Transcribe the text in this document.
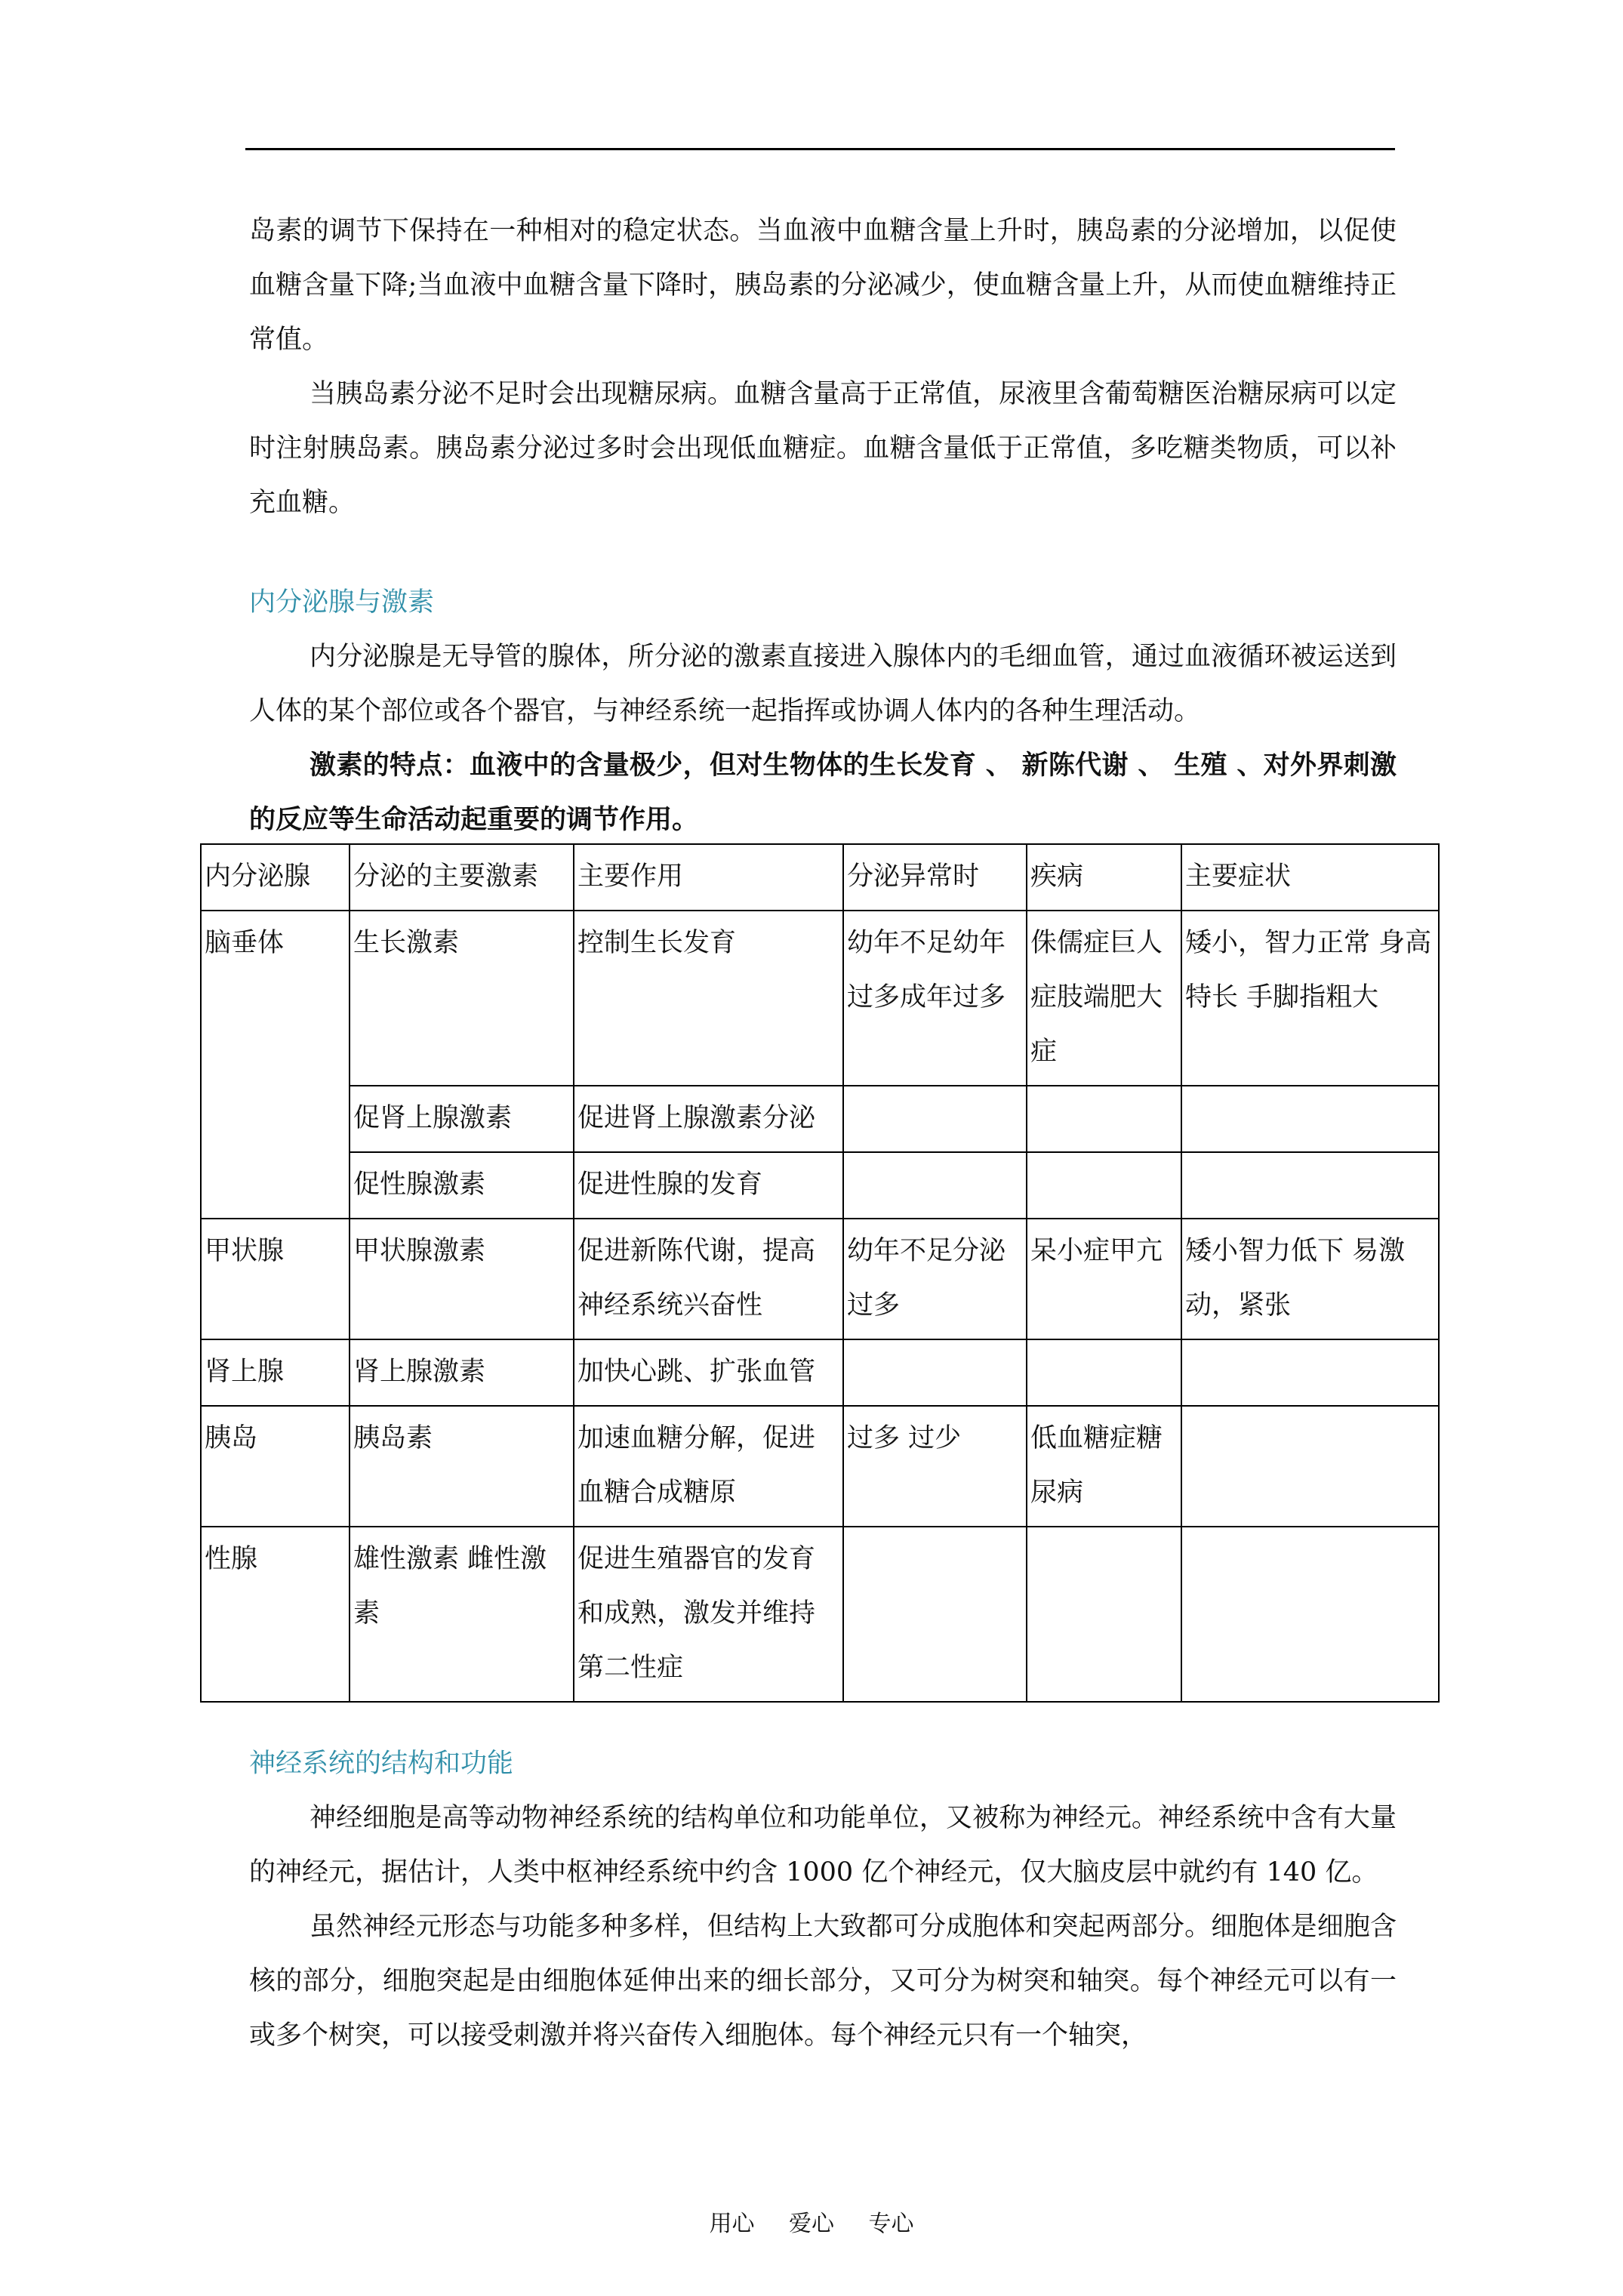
岛素的调节下保持在一种相对的稳定状态。当血液中血糖含量上升时，胰岛素的分泌增加，以促使血糖含量下降;当血液中血糖含量下降时，胰岛素的分泌减少，使血糖含量上升，从而使血糖维持正常值。

当胰岛素分泌不足时会出现糖尿病。血糖含量高于正常值，尿液里含葡萄糖医治糖尿病可以定时注射胰岛素。胰岛素分泌过多时会出现低血糖症。血糖含量低于正常值，多吃糖类物质，可以补充血糖。

内分泌腺与激素

内分泌腺是无导管的腺体，所分泌的激素直接进入腺体内的毛细血管，通过血液循环被运送到人体的某个部位或各个器官，与神经系统一起指挥或协调人体内的各种生理活动。

激素的特点：血液中的含量极少，但对生物体的生长发育 、 新陈代谢 、 生殖 、对外界刺激的反应等生命活动起重要的调节作用。

内分泌腺	分泌的主要激素	主要作用	分泌异常时	疾病	主要症状
脑垂体	生长激素	控制生长发育	幼年不足幼年过多成年过多	侏儒症巨人症肢端肥大症	矮小，智力正常 身高特长 手脚指粗大
	促肾上腺激素	促进肾上腺激素分泌			
	促性腺激素	促进性腺的发育			
甲状腺	甲状腺激素	促进新陈代谢，提高神经系统兴奋性	幼年不足分泌过多	呆小症甲亢	矮小智力低下 易激动，紧张
肾上腺	肾上腺激素	加快心跳、扩张血管			
胰岛	胰岛素	加速血糖分解，促进血糖合成糖原	过多 过少	低血糖症糖尿病	
性腺	雄性激素 雌性激素	促进生殖器官的发育和成熟，激发并维持第二性症			
神经系统的结构和功能

神经细胞是高等动物神经系统的结构单位和功能单位，又被称为神经元。神经系统中含有大量的神经元，据估计，人类中枢神经系统中约含 1000 亿个神经元，仅大脑皮层中就约有 140 亿。

虽然神经元形态与功能多种多样，但结构上大致都可分成胞体和突起两部分。细胞体是细胞含核的部分，细胞突起是由细胞体延伸出来的细长部分，又可分为树突和轴突。每个神经元可以有一或多个树突，可以接受刺激并将兴奋传入细胞体。每个神经元只有一个轴突，

用心 爱心 专心
